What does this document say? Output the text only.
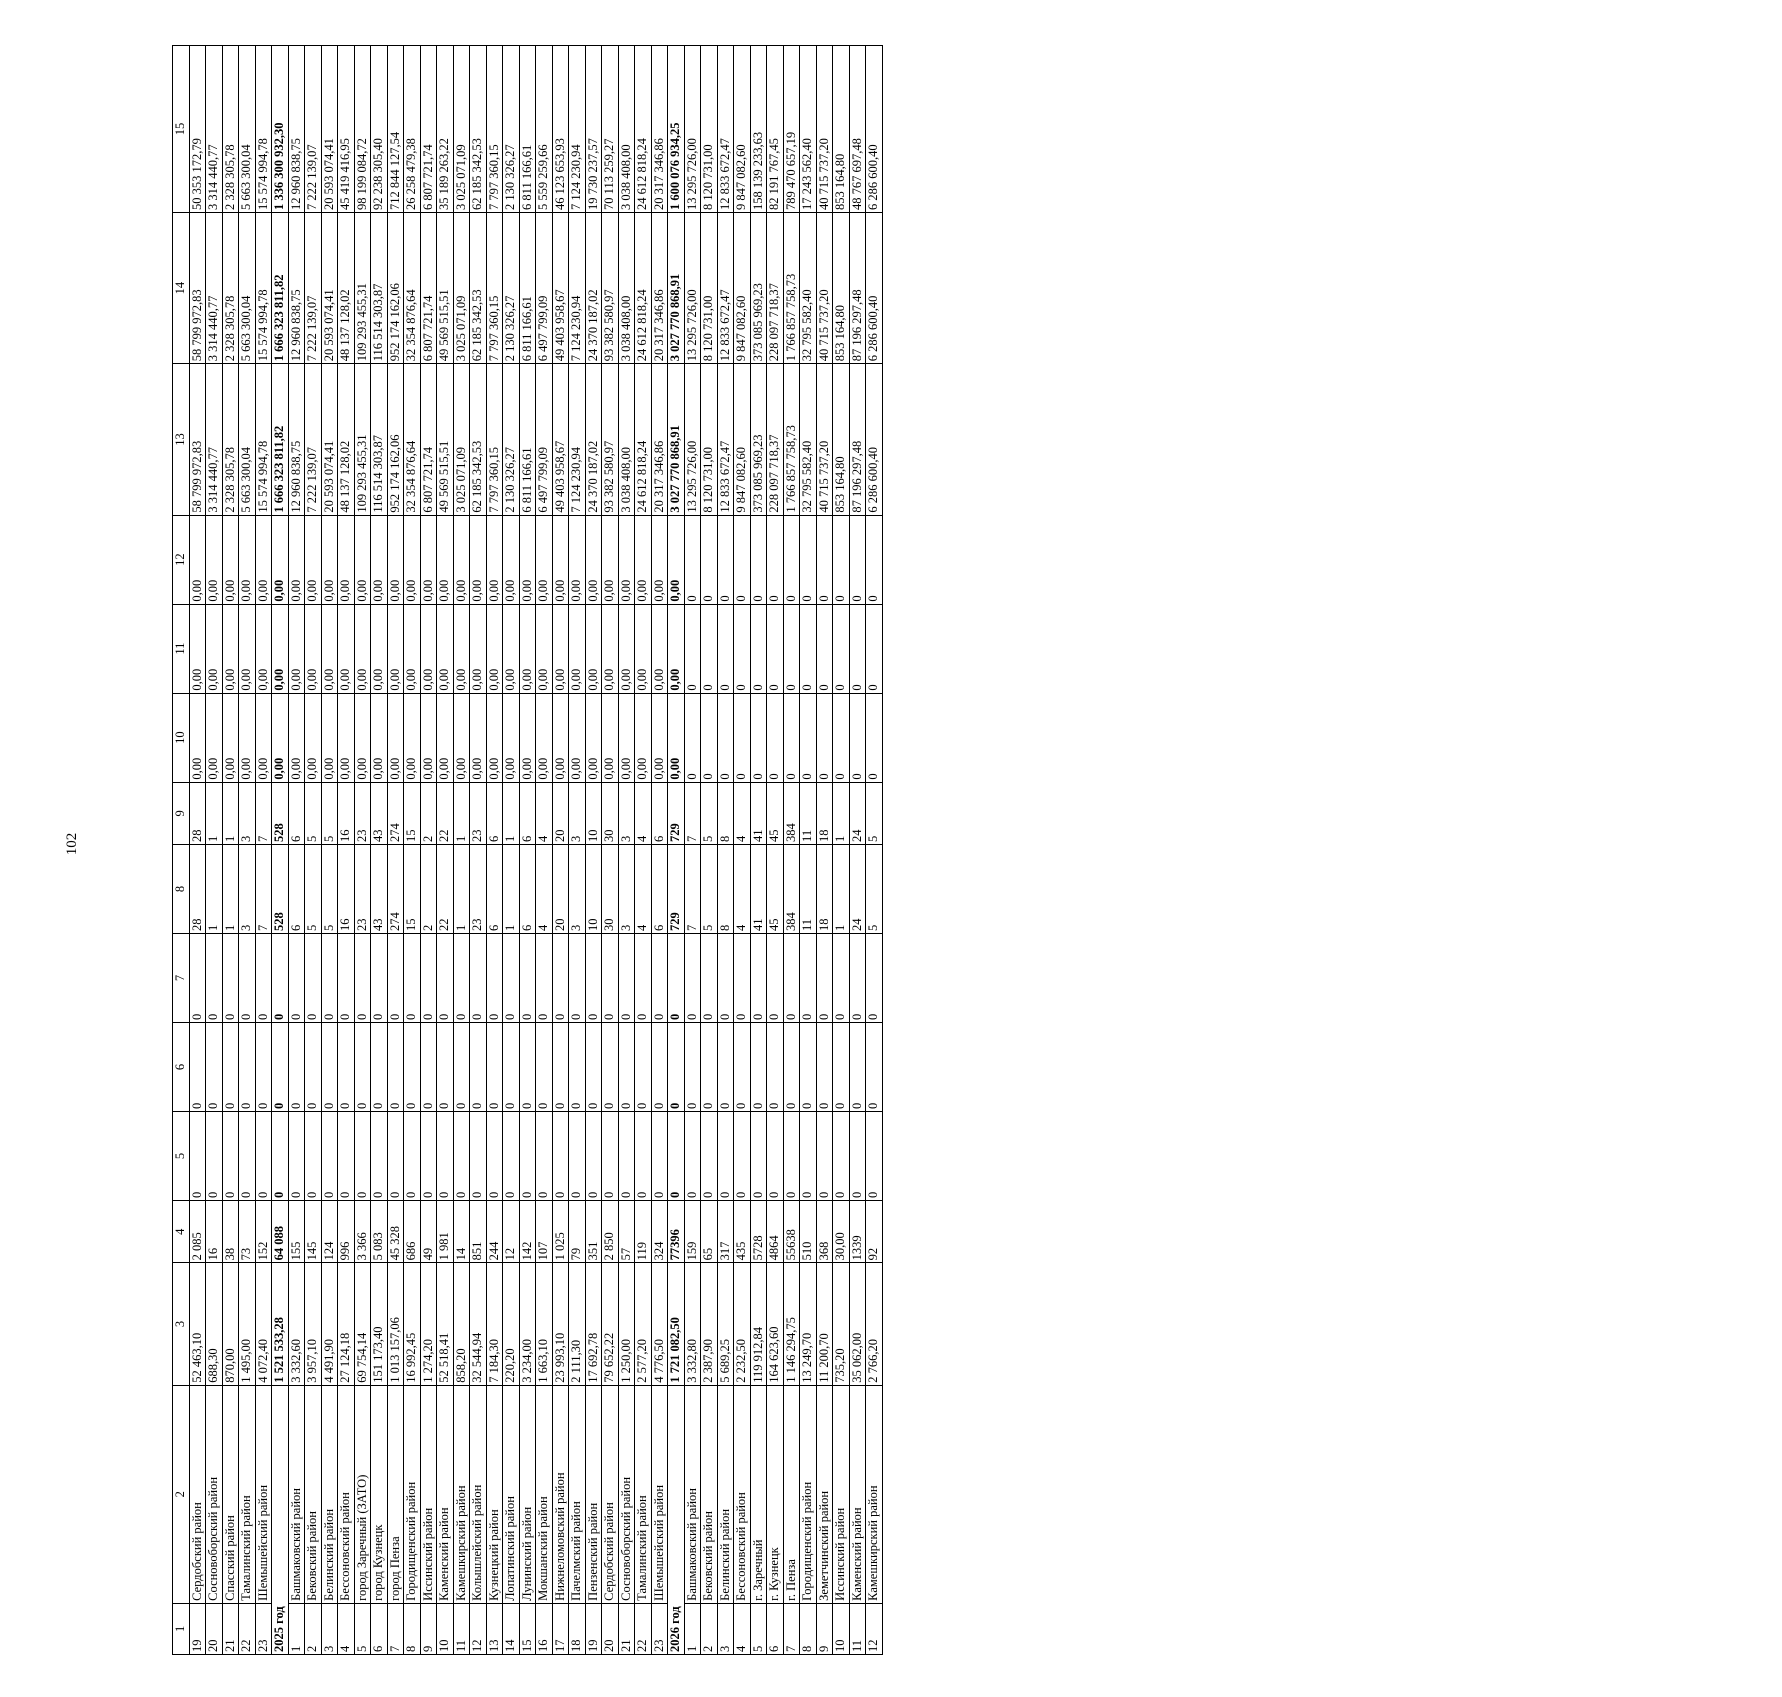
102
1	2	3	4	5	6	7	8	9	10	11	12	13	14	15
19	Сердобский район	52 463,10	2 085	0	0	0	28	28	0,00	0,00	0,00	58 799 972,83	58 799 972,83	50 353 172,79
20	Сосновоборский район	688,30	16	0	0	0	1	1	0,00	0,00	0,00	3 314 440,77	3 314 440,77	3 314 440,77
21	Спасский район	870,00	38	0	0	0	1	1	0,00	0,00	0,00	2 328 305,78	2 328 305,78	2 328 305,78
22	Тамалинский район	1 495,00	73	0	0	0	3	3	0,00	0,00	0,00	5 663 300,04	5 663 300,04	5 663 300,04
23	Шемышейский район	4 072,40	152	0	0	0	7	7	0,00	0,00	0,00	15 574 994,78	15 574 994,78	15 574 994,78
2025 год		1 521 533,28	64 088	0	0	0	528	528	0,00	0,00	0,00	1 666 323 811,82	1 666 323 811,82	1 336 300 932,30
1	Башмаковский район	3 332,60	155	0	0	0	6	6	0,00	0,00	0,00	12 960 838,75	12 960 838,75	12 960 838,75
2	Бековский район	3 957,10	145	0	0	0	5	5	0,00	0,00	0,00	7 222 139,07	7 222 139,07	7 222 139,07
3	Белинский район	4 491,90	124	0	0	0	5	5	0,00	0,00	0,00	20 593 074,41	20 593 074,41	20 593 074,41
4	Бессоновский район	27 124,18	996	0	0	0	16	16	0,00	0,00	0,00	48 137 128,02	48 137 128,02	45 419 416,95
5	город Заречный (ЗАТО)	69 754,14	3 366	0	0	0	23	23	0,00	0,00	0,00	109 293 455,31	109 293 455,31	98 199 084,72
6	город Кузнецк	151 173,40	5 083	0	0	0	43	43	0,00	0,00	0,00	116 514 303,87	116 514 303,87	92 238 305,40
7	город Пенза	1 013 157,06	45 328	0	0	0	274	274	0,00	0,00	0,00	952 174 162,06	952 174 162,06	712 844 127,54
8	Городищенский район	16 992,45	686	0	0	0	15	15	0,00	0,00	0,00	32 354 876,64	32 354 876,64	26 258 479,38
9	Иссинский район	1 274,20	49	0	0	0	2	2	0,00	0,00	0,00	6 807 721,74	6 807 721,74	6 807 721,74
10	Каменский район	52 518,41	1 981	0	0	0	22	22	0,00	0,00	0,00	49 569 515,51	49 569 515,51	35 189 263,22
11	Камешкирский район	858,20	14	0	0	0	1	1	0,00	0,00	0,00	3 025 071,09	3 025 071,09	3 025 071,09
12	Колышлейский район	32 544,94	851	0	0	0	23	23	0,00	0,00	0,00	62 185 342,53	62 185 342,53	62 185 342,53
13	Кузнецкий район	7 184,30	244	0	0	0	6	6	0,00	0,00	0,00	7 797 360,15	7 797 360,15	7 797 360,15
14	Лопатинский район	220,20	12	0	0	0	1	1	0,00	0,00	0,00	2 130 326,27	2 130 326,27	2 130 326,27
15	Лунинский район	3 234,00	142	0	0	0	6	6	0,00	0,00	0,00	6 811 166,61	6 811 166,61	6 811 166,61
16	Мокшанский район	1 663,10	107	0	0	0	4	4	0,00	0,00	0,00	6 497 799,09	6 497 799,09	5 559 259,66
17	Нижнеломовский район	23 993,10	1 025	0	0	0	20	20	0,00	0,00	0,00	49 403 958,67	49 403 958,67	46 123 653,93
18	Пачелмский район	2 111,30	79	0	0	0	3	3	0,00	0,00	0,00	7 124 230,94	7 124 230,94	7 124 230,94
19	Пензенский район	17 692,78	351	0	0	0	10	10	0,00	0,00	0,00	24 370 187,02	24 370 187,02	19 730 237,57
20	Сердобский район	79 652,22	2 850	0	0	0	30	30	0,00	0,00	0,00	93 382 580,97	93 382 580,97	70 113 259,27
21	Сосновоборский район	1 250,00	57	0	0	0	3	3	0,00	0,00	0,00	3 038 408,00	3 038 408,00	3 038 408,00
22	Тамалинский район	2 577,20	119	0	0	0	4	4	0,00	0,00	0,00	24 612 818,24	24 612 818,24	24 612 818,24
23	Шемышейский район	4 776,50	324	0	0	0	6	6	0,00	0,00	0,00	20 317 346,86	20 317 346,86	20 317 346,86
2026 год		1 721 082,50	77396	0	0	0	729	729	0,00	0,00	0,00	3 027 770 868,91	3 027 770 868,91	1 600 076 934,25
1	Башмаковский район	3 332,80	159	0	0	0	7	7	0	0	0	13 295 726,00	13 295 726,00	13 295 726,00
2	Бековский район	2 387,90	65	0	0	0	5	5	0	0	0	8 120 731,00	8 120 731,00	8 120 731,00
3	Белинский район	5 689,25	317	0	0	0	8	8	0	0	0	12 833 672,47	12 833 672,47	12 833 672,47
4	Бессоновский район	2 232,50	435	0	0	0	4	4	0	0	0	9 847 082,60	9 847 082,60	9 847 082,60
5	г. Заречный	119 912,84	5728	0	0	0	41	41	0	0	0	373 085 969,23	373 085 969,23	158 139 233,63
6	г. Кузнецк	164 623,60	4864	0	0	0	45	45	0	0	0	228 097 718,37	228 097 718,37	82 191 767,45
7	г. Пенза	1 146 294,75	55638	0	0	0	384	384	0	0	0	1 766 857 758,73	1 766 857 758,73	789 470 657,19
8	Городищенский район	13 249,70	510	0	0	0	11	11	0	0	0	32 795 582,40	32 795 582,40	17 243 562,40
9	Земетчинский район	11 200,70	368	0	0	0	18	18	0	0	0	40 715 737,20	40 715 737,20	40 715 737,20
10	Иссинский район	735,20	30,00	0	0	0	1	1	0	0	0	853 164,80	853 164,80	853 164,80
11	Каменский район	35 062,00	1339	0	0	0	24	24	0	0	0	87 196 297,48	87 196 297,48	48 767 697,48
12	Камешкирский район	2 766,20	92	0	0	0	5	5	0	0	0	6 286 600,40	6 286 600,40	6 286 600,40
